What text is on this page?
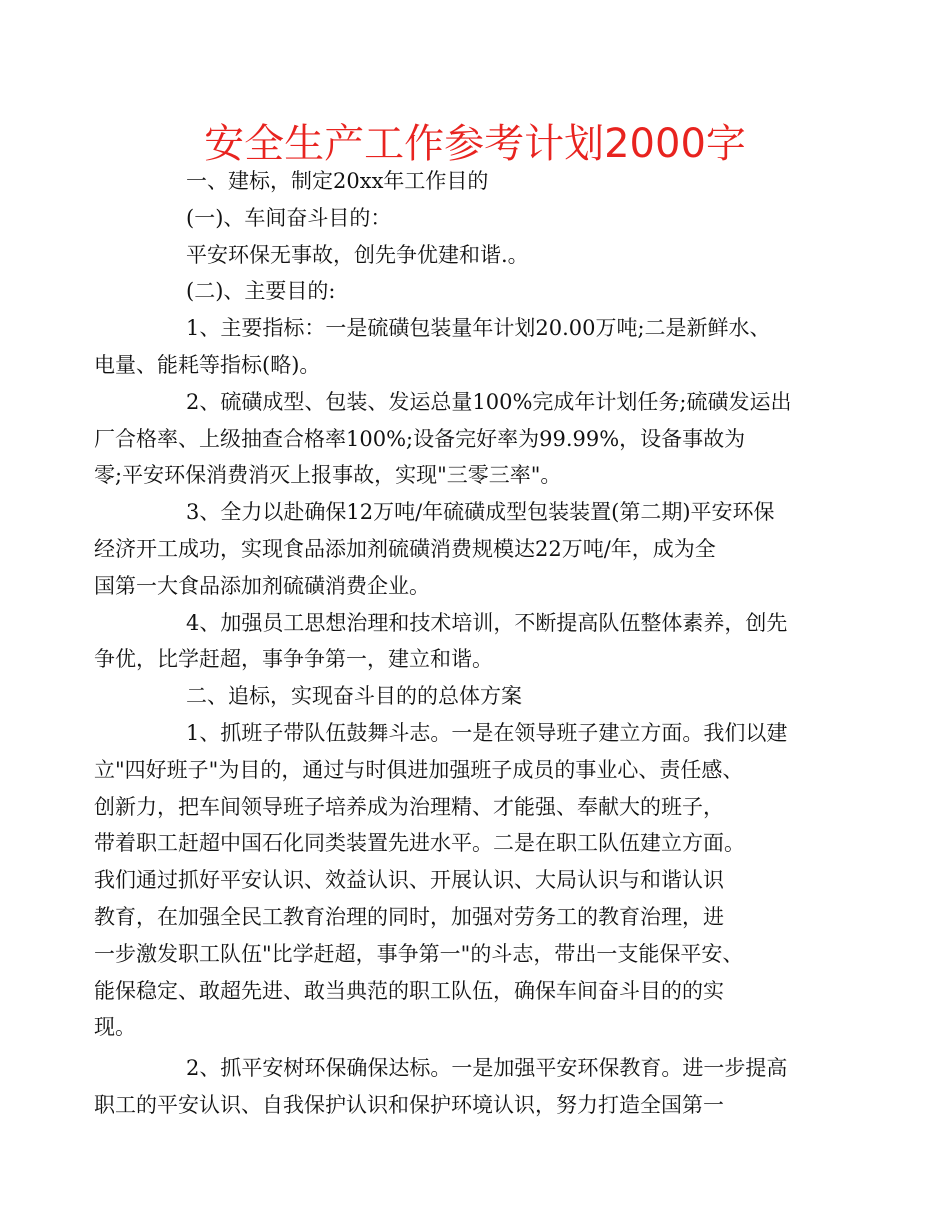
安全生产工作参考计划2000字

一、建标，制定20xx年工作目的

(一)、车间奋斗目的：

平安环保无事故，创先争优建和谐.。

(二)、主要目的:

1、主要指标：一是硫磺包装量年计划20.00万吨;二是新鲜水、
电量、能耗等指标(略)。

2、硫磺成型、包装、发运总量100%完成年计划任务;硫磺发运出
厂合格率、上级抽查合格率100%;设备完好率为99.99%，设备事故为
零;平安环保消费消灭上报事故，实现"三零三率"。

3、全力以赴确保12万吨/年硫磺成型包装装置(第二期)平安环保
经济开工成功，实现食品添加剂硫磺消费规模达22万吨/年，成为全
国第一大食品添加剂硫磺消费企业。

4、加强员工思想治理和技术培训，不断提高队伍整体素养，创先
争优，比学赶超，事争争第一，建立和谐。

二、追标，实现奋斗目的的总体方案

1、抓班子带队伍鼓舞斗志。一是在领导班子建立方面。我们以建
立"四好班子"为目的，通过与时俱进加强班子成员的事业心、责任感、
创新力，把车间领导班子培养成为治理精、才能强、奉献大的班子，
带着职工赶超中国石化同类装置先进水平。二是在职工队伍建立方面。
我们通过抓好平安认识、效益认识、开展认识、大局认识与和谐认识
教育，在加强全民工教育治理的同时，加强对劳务工的教育治理，进
一步激发职工队伍"比学赶超，事争第一"的斗志，带出一支能保平安、
能保稳定、敢超先进、敢当典范的职工队伍，确保车间奋斗目的的实
现。

2、抓平安树环保确保达标。一是加强平安环保教育。进一步提高
职工的平安认识、自我保护认识和保护环境认识，努力打造全国第一
